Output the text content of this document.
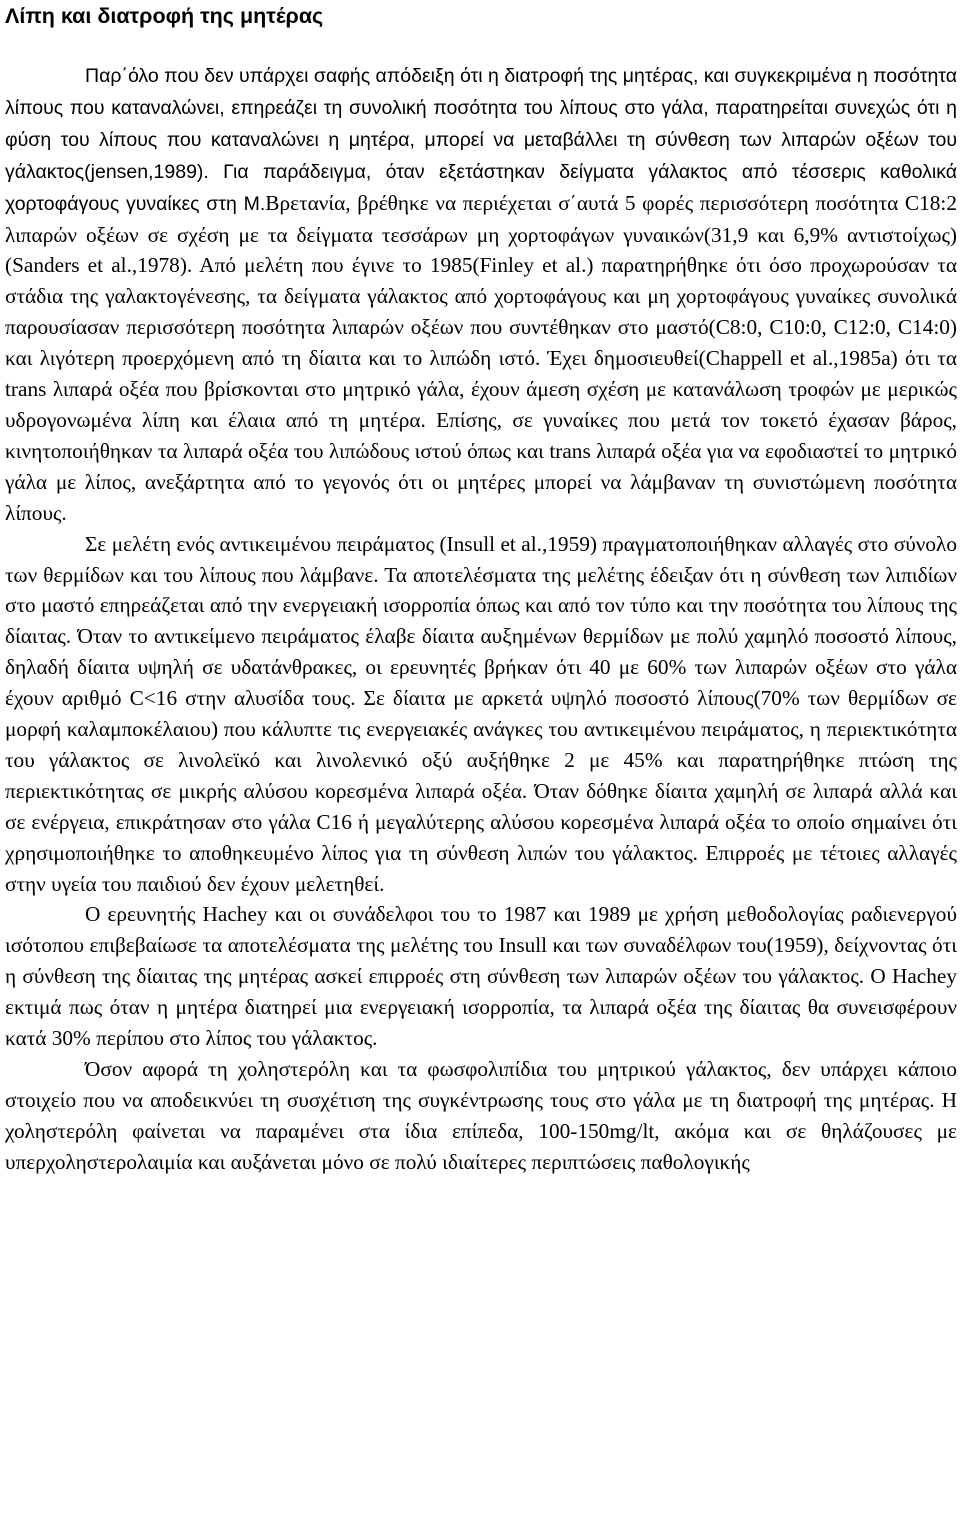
Λίπη και διατροφή της μητέρας

Παρ΄όλο που δεν υπάρχει σαφής απόδειξη ότι η διατροφή της μητέρας, και συγκεκριμένα η ποσότητα λίπους που καταναλώνει, επηρεάζει τη συνολική ποσότητα του λίπους στο γάλα, παρατηρείται συνεχώς ότι η φύση του λίπους που καταναλώνει η μητέρα, μπορεί να μεταβάλλει τη σύνθεση των λιπαρών οξέων του γάλακτος(jensen,1989). Για παράδειγμα, όταν εξετάστηκαν δείγματα γάλακτος από τέσσερις καθολικά χορτοφάγους γυναίκες στη Μ.Βρετανία, βρέθηκε να περιέχεται σ΄αυτά 5 φορές περισσότερη ποσότητα C18:2 λιπαρών οξέων σε σχέση με τα δείγματα τεσσάρων μη χορτοφάγων γυναικών(31,9 και 6,9% αντιστοίχως)(Sanders et al.,1978). Από μελέτη που έγινε το 1985(Finley et al.) παρατηρήθηκε ότι όσο προχωρούσαν τα στάδια της γαλακτογένεσης, τα δείγματα γάλακτος από χορτοφάγους και μη χορτοφάγους γυναίκες συνολικά παρουσίασαν περισσότερη ποσότητα λιπαρών οξέων που συντέθηκαν στο μαστό(C8:0, C10:0, C12:0, C14:0) και λιγότερη προερχόμενη από τη δίαιτα και το λιπώδη ιστό. Έχει δημοσιευθεί(Chappell et al.,1985a) ότι τα trans λιπαρά οξέα που βρίσκονται στο μητρικό γάλα, έχουν άμεση σχέση με κατανάλωση τροφών με μερικώς υδρογονωμένα λίπη και έλαια από τη μητέρα. Επίσης, σε γυναίκες που μετά τον τοκετό έχασαν βάρος, κινητοποιήθηκαν τα λιπαρά οξέα του λιπώδους ιστού όπως και trans λιπαρά οξέα για να εφοδιαστεί το μητρικό γάλα με λίπος, ανεξάρτητα από το γεγονός ότι οι μητέρες μπορεί να λάμβαναν τη συνιστώμενη ποσότητα λίπους.

Σε μελέτη ενός αντικειμένου πειράματος (Insull et al.,1959) πραγματοποιήθηκαν αλλαγές στο σύνολο των θερμίδων και του λίπους που λάμβανε. Τα αποτελέσματα της μελέτης έδειξαν ότι η σύνθεση των λιπιδίων στο μαστό επηρεάζεται από την ενεργειακή ισορροπία όπως και από τον τύπο και την ποσότητα του λίπους της δίαιτας. Όταν το αντικείμενο πειράματος έλαβε δίαιτα αυξημένων θερμίδων με πολύ χαμηλό ποσοστό λίπους, δηλαδή δίαιτα υψηλή σε υδατάνθρακες, οι ερευνητές βρήκαν ότι 40 με 60% των λιπαρών οξέων στο γάλα έχουν αριθμό C<16 στην αλυσίδα τους. Σε δίαιτα με αρκετά υψηλό ποσοστό λίπους(70% των θερμίδων σε μορφή καλαμποκέλαιου) που κάλυπτε τις ενεργειακές ανάγκες του αντικειμένου πειράματος, η περιεκτικότητα του γάλακτος σε λινολεϊκό και λινολενικό οξύ αυξήθηκε 2 με 45% και παρατηρήθηκε πτώση της περιεκτικότητας σε μικρής αλύσου κορεσμένα λιπαρά οξέα. Όταν δόθηκε δίαιτα χαμηλή σε λιπαρά αλλά και σε ενέργεια, επικράτησαν στο γάλα C16 ή μεγαλύτερης αλύσου κορεσμένα λιπαρά οξέα το οποίο σημαίνει ότι χρησιμοποιήθηκε το αποθηκευμένο λίπος για τη σύνθεση λιπών του γάλακτος. Επιρροές με τέτοιες αλλαγές στην υγεία του παιδιού δεν έχουν μελετηθεί.

Ο ερευνητής Hachey και οι συνάδελφοι του το 1987 και 1989 με χρήση μεθοδολογίας ραδιενεργού ισότοπου επιβεβαίωσε τα αποτελέσματα της μελέτης του Insull και των συναδέλφων του(1959), δείχνοντας ότι η σύνθεση της δίαιτας της μητέρας ασκεί επιρροές στη σύνθεση των λιπαρών οξέων του γάλακτος. Ο Hachey εκτιμά πως όταν η μητέρα διατηρεί μια ενεργειακή ισορροπία, τα λιπαρά οξέα της δίαιτας θα συνεισφέρουν κατά 30% περίπου στο λίπος του γάλακτος.

Όσον αφορά τη χοληστερόλη και τα φωσφολιπίδια του μητρικού γάλακτος, δεν υπάρχει κάποιο στοιχείο που να αποδεικνύει τη συσχέτιση της συγκέντρωσης τους στο γάλα με τη διατροφή της μητέρας. Η χοληστερόλη φαίνεται να παραμένει στα ίδια επίπεδα, 100-150mg/lt, ακόμα και σε θηλάζουσες με υπερχοληστερολαιμία και αυξάνεται μόνο σε πολύ ιδιαίτερες περιπτώσεις παθολογικής
